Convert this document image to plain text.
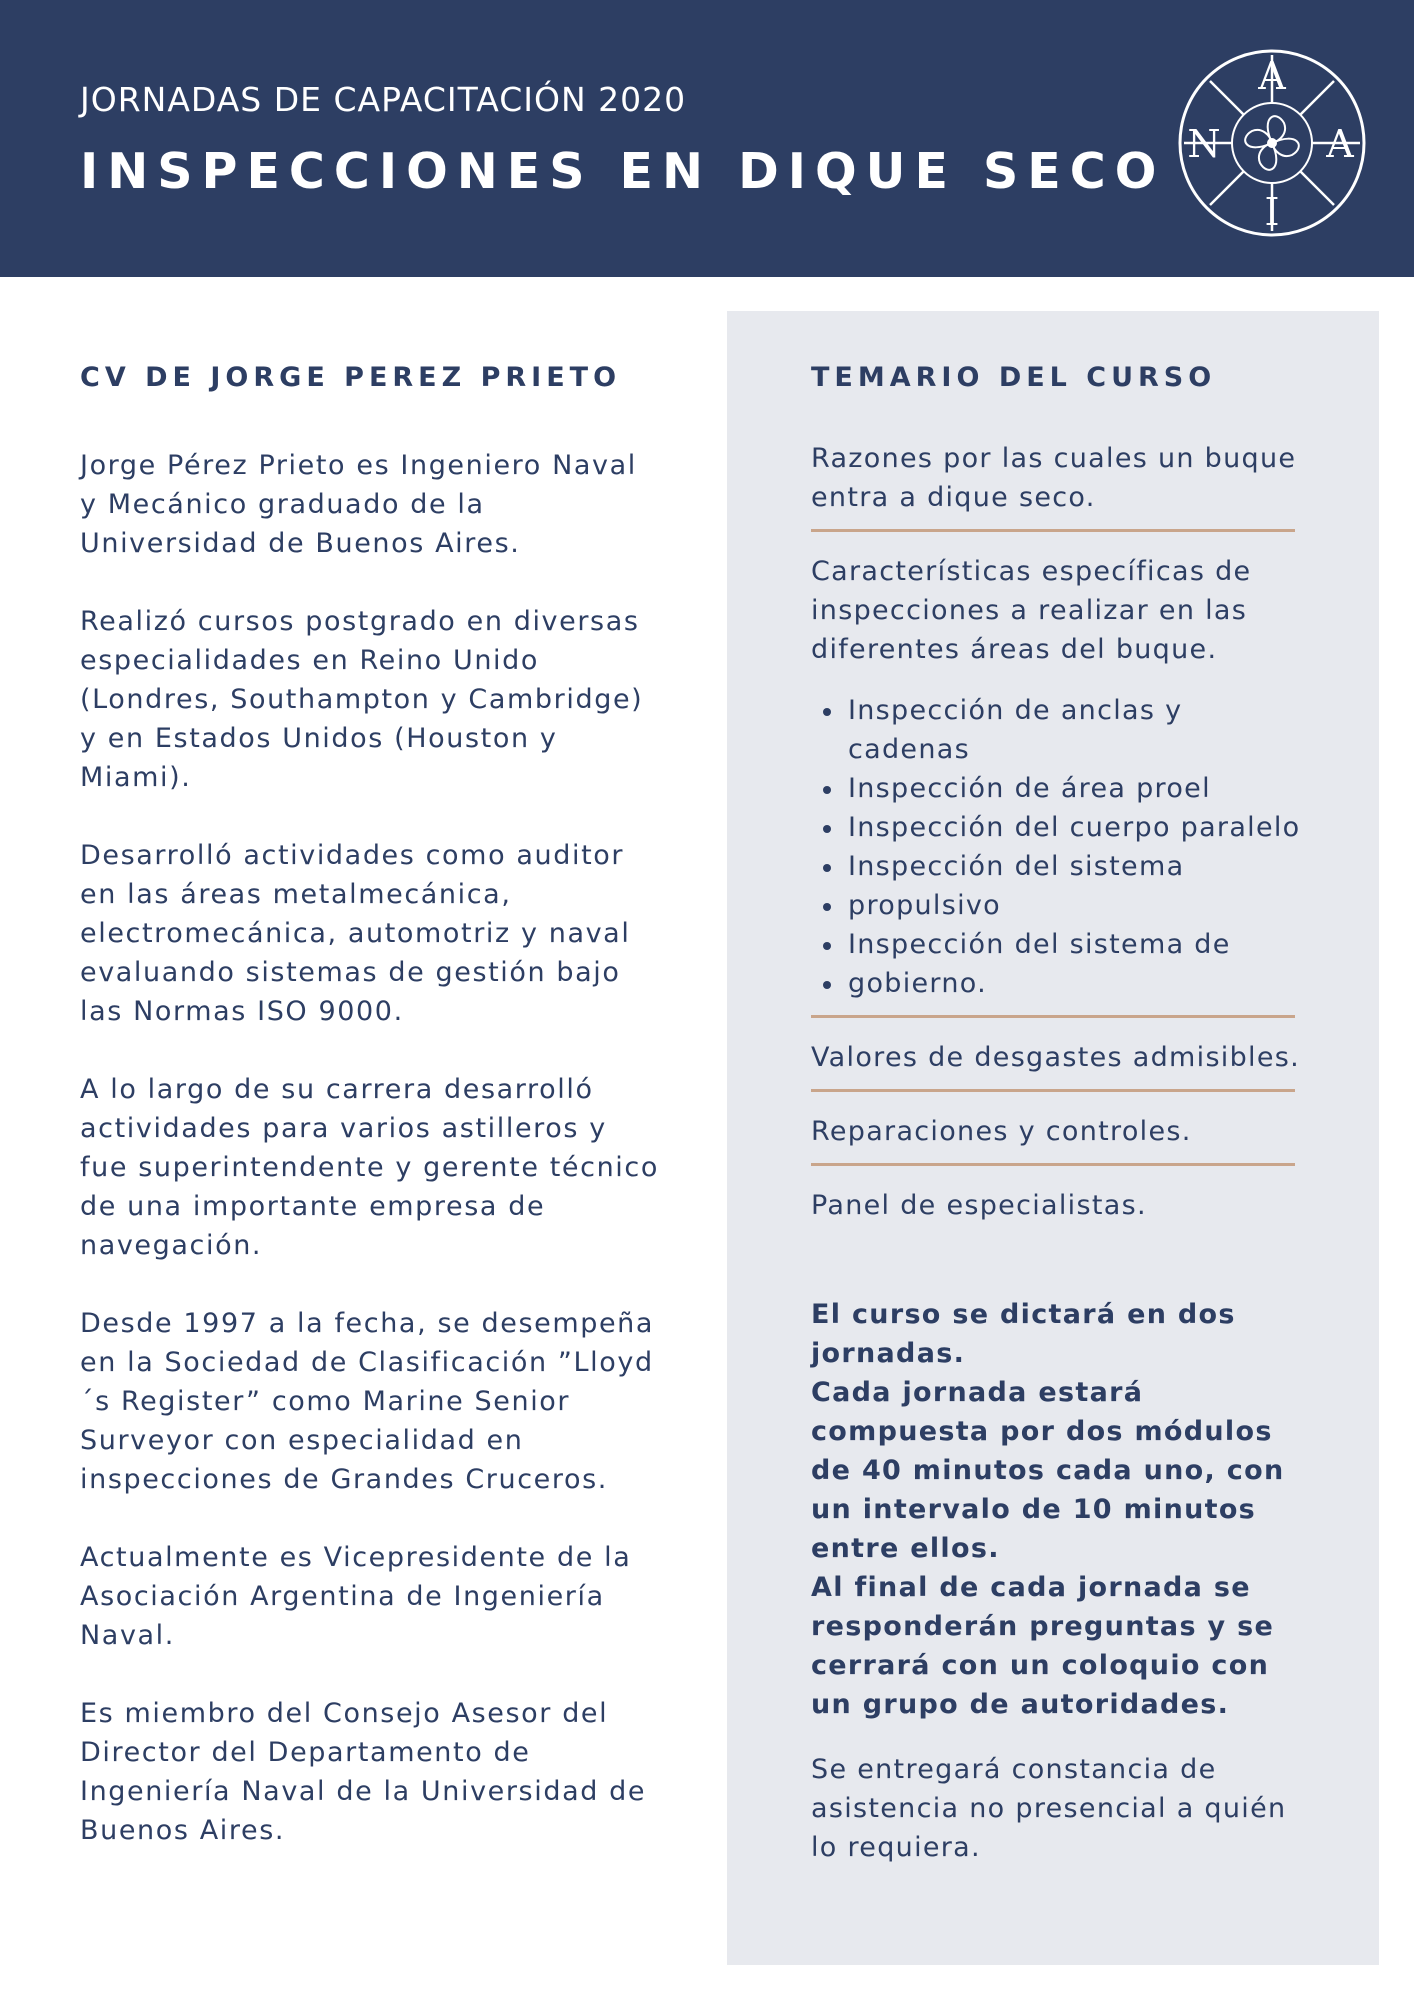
JORNADAS DE CAPACITACIÓN 2020
INSPECCIONES EN DIQUE SECO
A
N	A
I
CV DE JORGE PEREZ PRIETO

Jorge Pérez Prieto es Ingeniero Naval y Mecánico graduado de la Universidad de Buenos Aires.

Realizó cursos postgrado en diversas especialidades en Reino Unido (Londres, Southampton y Cambridge) y en Estados Unidos (Houston y Miami).

Desarrolló actividades como auditor en las áreas metalmecánica, electromecánica, automotriz y naval evaluando sistemas de gestión bajo las Normas ISO 9000.

A lo largo de su carrera desarrolló actividades para varios astilleros y fue superintendente y gerente técnico de una importante empresa de navegación.

Desde 1997 a la fecha, se desempeña en la Sociedad de Clasificación ”Lloyd´s Register” como Marine Senior Surveyor con especialidad en inspecciones de Grandes Cruceros.

Actualmente es Vicepresidente de la Asociación Argentina de Ingeniería Naval.

Es miembro del Consejo Asesor del Director del Departamento de Ingeniería Naval de la Universidad de Buenos Aires.

TEMARIO DEL CURSO

Razones por las cuales un buque entra a dique seco.

Características específicas de inspecciones a realizar en las diferentes áreas del buque.

Inspección de anclas y cadenas
Inspección de área proel
Inspección del cuerpo paralelo
Inspección del sistema
propulsivo
Inspección del sistema de
gobierno.

Valores de desgastes admisibles.

Reparaciones y controles.

Panel de especialistas.

El curso se dictará en dos jornadas.

Cada jornada estará compuesta por dos módulos de 40 minutos cada uno, con un intervalo de 10 minutos entre ellos.

Al final de cada jornada se responderán preguntas y se cerrará con un coloquio con un grupo de autoridades.

Se entregará constancia de asistencia no presencial a quién lo requiera.
